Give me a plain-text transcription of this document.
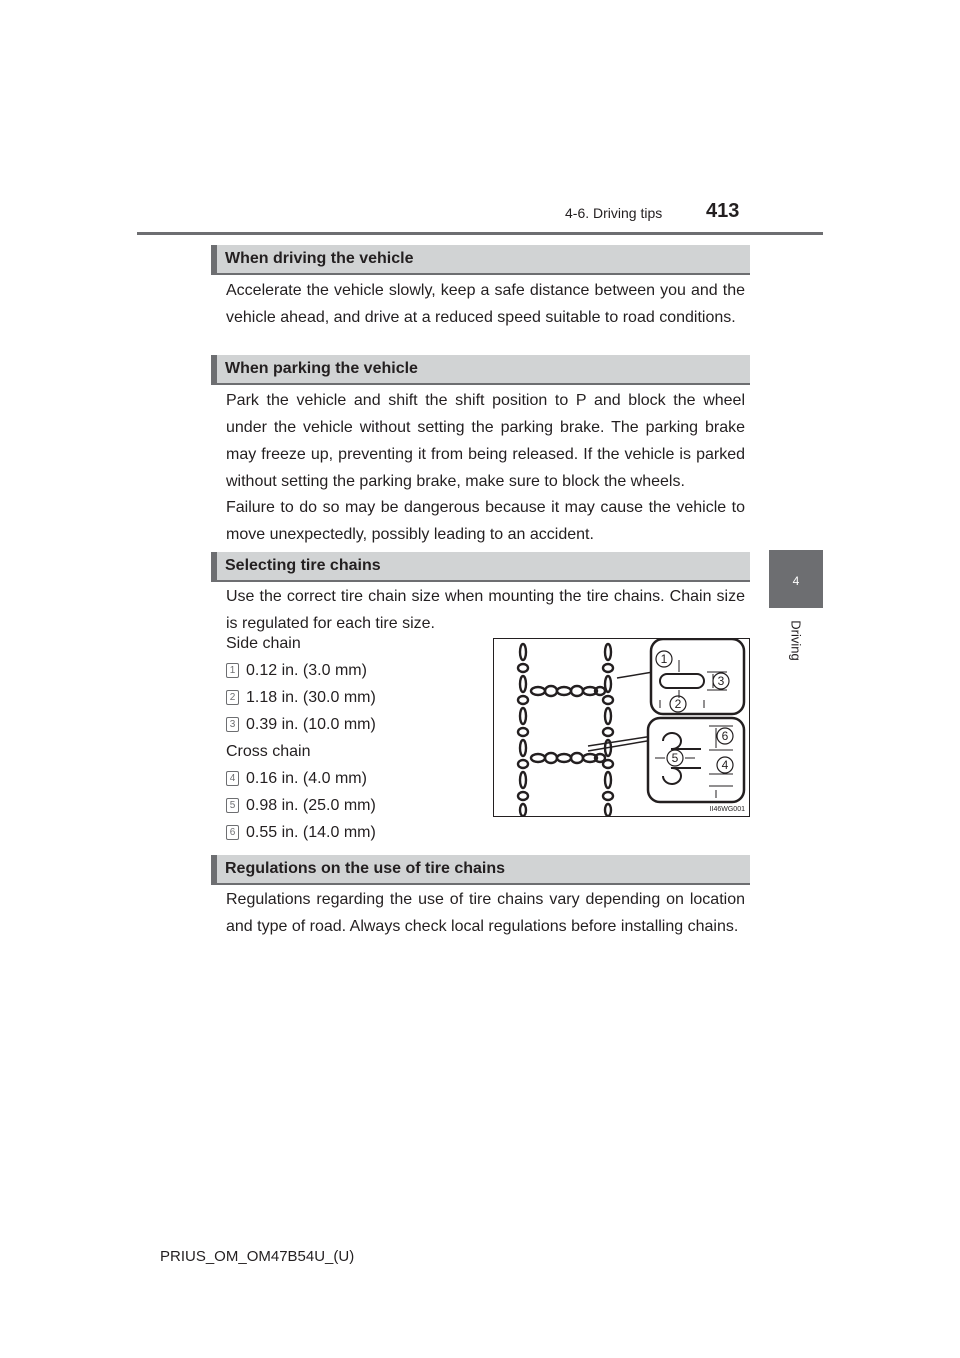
4-6. Driving tips 413
4
Driving
When driving the vehicle

Accelerate the vehicle slowly, keep a safe distance between you and the vehicle ahead, and drive at a reduced speed suitable to road conditions.

When parking the vehicle

Park the vehicle and shift the shift position to P and block the wheel under the vehicle without setting the parking brake. The parking brake may freeze up, preventing it from being released. If the vehicle is parked without setting the parking brake, make sure to block the wheels.

Failure to do so may be dangerous because it may cause the vehicle to move unexpectedly, possibly leading to an accident.

Selecting tire chains

Use the correct tire chain size when mounting the tire chains. Chain size is regulated for each tire size.

Side chain
1 0.12 in. (3.0 mm)
2 1.18 in. (30.0 mm)
3 0.39 in. (10.0 mm)
Cross chain
4 0.16 in. (4.0 mm)
5 0.98 in. (25.0 mm)
6 0.55 in. (14.0 mm)
1
3
2
6
5	4
II46WG001
Regulations on the use of tire chains

Regulations regarding the use of tire chains vary depending on location and type of road. Always check local regulations before installing chains.

PRIUS_OM_OM47B54U_(U)
